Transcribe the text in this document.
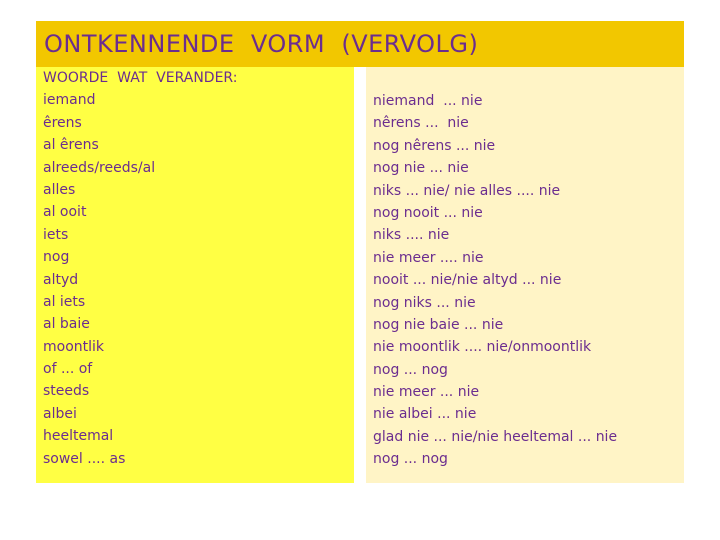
ONTKENNENDE  VORM  (VERVOLG)
WOORDE  WAT  VERANDER:
iemand
êrens
al êrens
alreeds/reeds/al
alles
al ooit
iets
nog
altyd
al iets
al baie
moontlik
of ... of
steeds
albei
heeltemal
sowel .... as
niemand  ... nie
nêrens ...  nie
nog nêrens ... nie
nog nie ... nie
niks ... nie/ nie alles .... nie
nog nooit ... nie
niks .... nie
nie meer .... nie
nooit ... nie/nie altyd ... nie
nog niks ... nie
nog nie baie ... nie
nie moontlik .... nie/onmoontlik
nog ... nog
nie meer ... nie
nie albei ... nie
glad nie ... nie/nie heeltemal ... nie
nog ... nog
